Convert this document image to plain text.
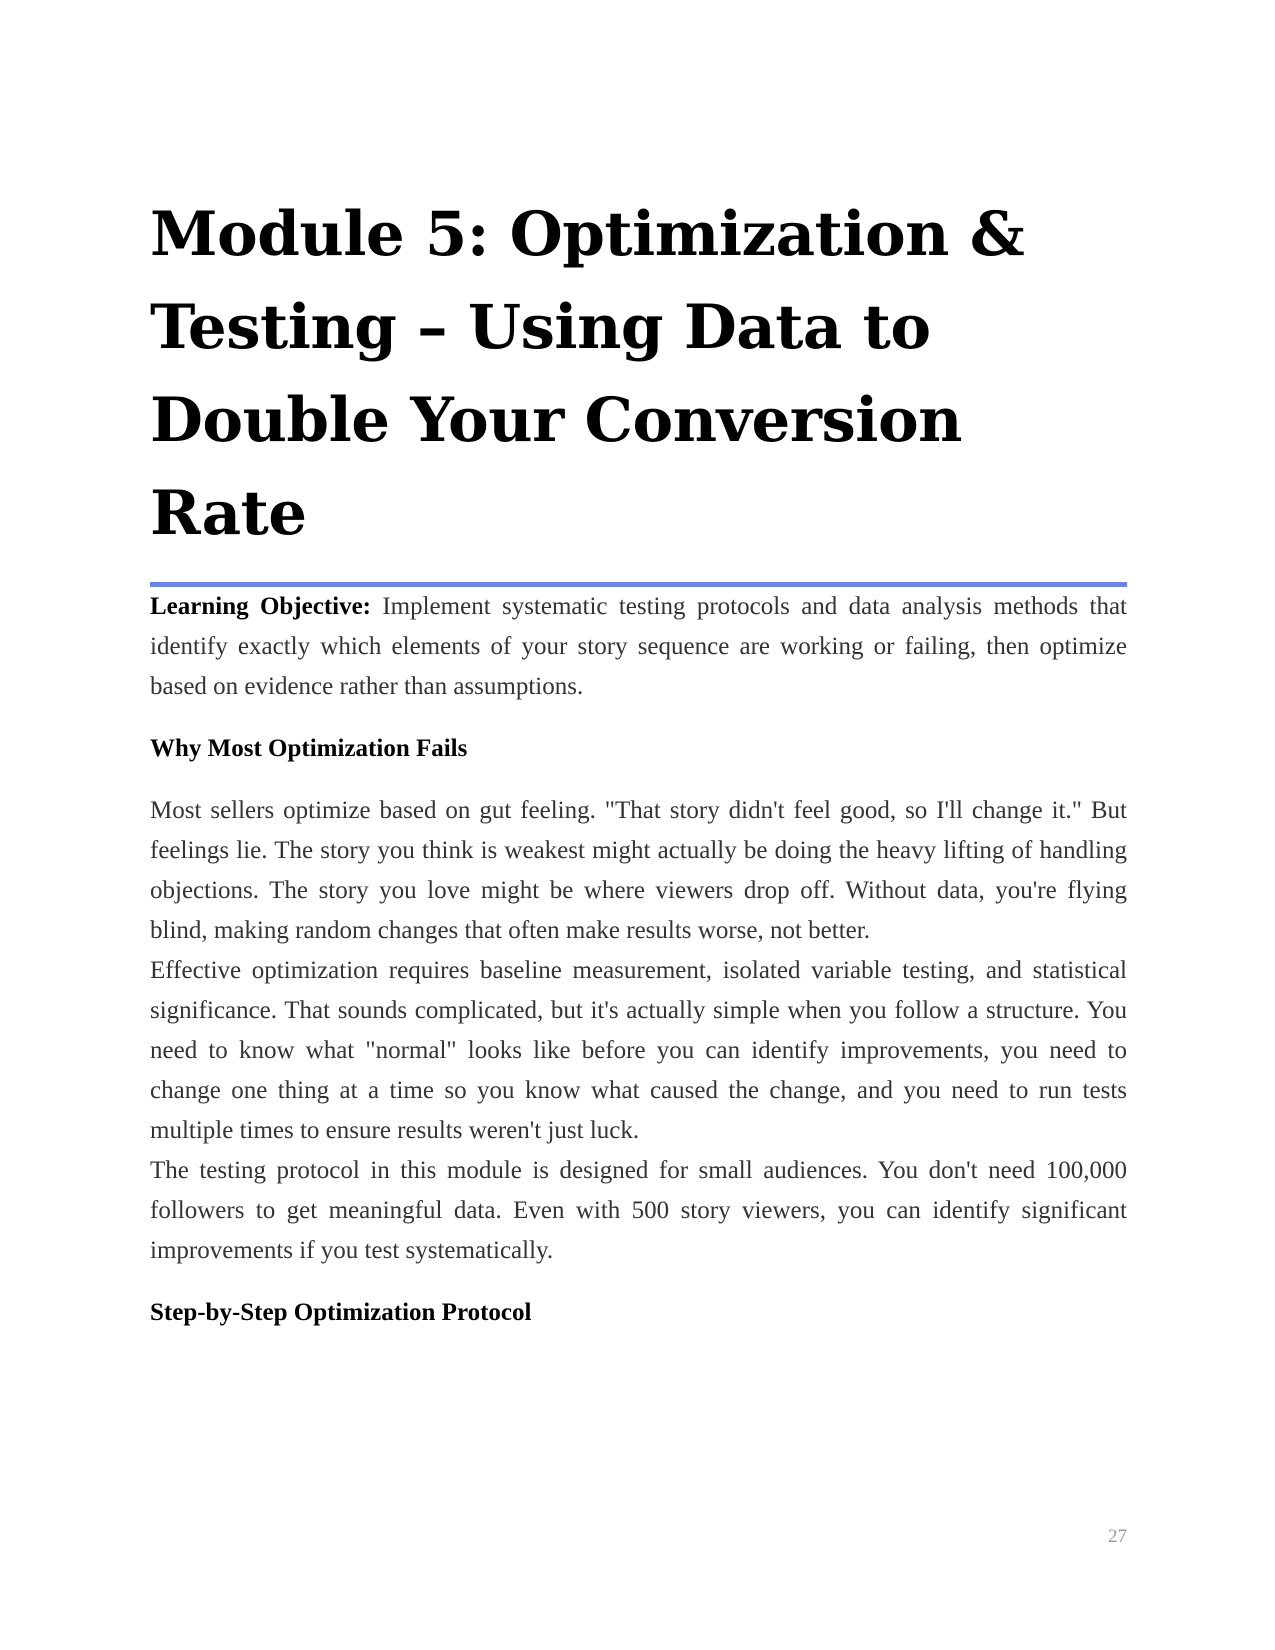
Module 5: Optimization & Testing – Using Data to Double Your Conversion Rate

Learning Objective: Implement systematic testing protocols and data analysis methods that identify exactly which elements of your story sequence are working or failing, then optimize based on evidence rather than assumptions.

Why Most Optimization Fails

Most sellers optimize based on gut feeling. "That story didn't feel good, so I'll change it." But feelings lie. The story you think is weakest might actually be doing the heavy lifting of handling objections. The story you love might be where viewers drop off. Without data, you're flying blind, making random changes that often make results worse, not better.

Effective optimization requires baseline measurement, isolated variable testing, and statistical significance. That sounds complicated, but it's actually simple when you follow a structure. You need to know what "normal" looks like before you can identify improvements, you need to change one thing at a time so you know what caused the change, and you need to run tests multiple times to ensure results weren't just luck.

The testing protocol in this module is designed for small audiences. You don't need 100,000 followers to get meaningful data. Even with 500 story viewers, you can identify significant improvements if you test systematically.

Step-by-Step Optimization Protocol
27
